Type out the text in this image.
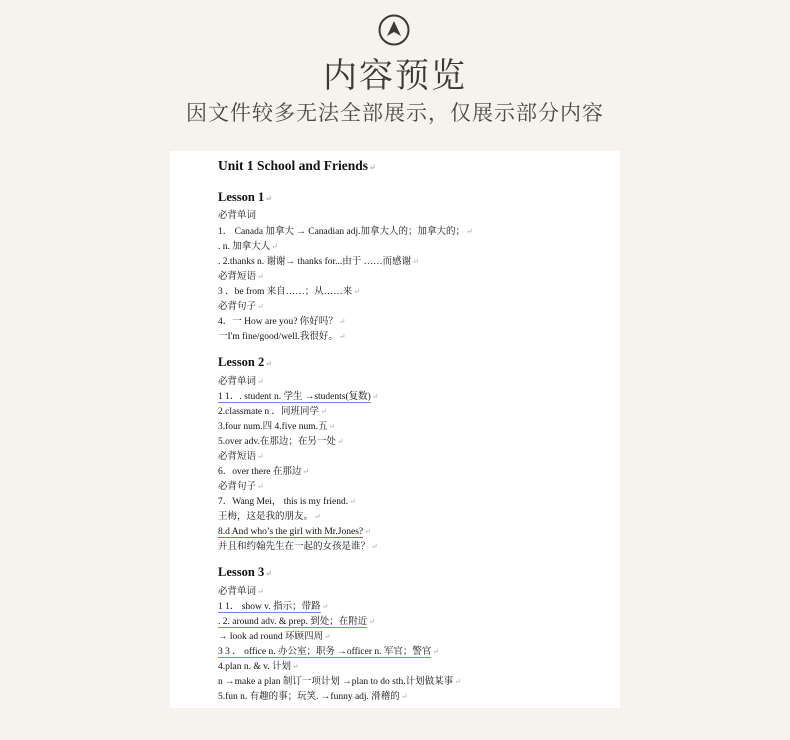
内容预览
因文件较多无法全部展示，仅展示部分内容
Unit 1 School and Friends↵
Lesson 1↵
必背单词
1． Canada 加拿大 → Canadian adj.加拿大人的；加拿大的；↵
. n. 加拿大人↵
. 2.thanks n. 谢谢→ thanks for...由于 ……而感谢↵
必背短语↵
3 ．be from 来自……；从……来↵
必背句子↵
4．一 How are you? 你好吗？↵
一I'm fine/good/well.我很好。↵
Lesson 2↵
必背单词↵
1 1．. student n. 学生 →students(复数)↵
2.classmate n ．同班同学↵
3.four num.四 4.five num.五↵
5.over adv.在那边；在另一处↵
必背短语↵
6．over there 在那边↵
必背句子↵
7．Wang Mei， this is my friend.↵
王梅，这是我的朋友。↵
8.d And who’s the girl with Mr.Jones?↵
并且和约翰先生在一起的女孩是谁？↵
Lesson 3↵
必背单词↵
1 1． show v. 指示；带路↵
. 2. around adv. & prep. 到处；在附近↵
→ look ad round 环顾四周↵
3 3 ． office n. 办公室；职务 →officer n. 军官；警官↵
4.plan n. & v. 计划↵
n →make a plan 制订一项计划 →plan to do sth.计划做某事↵
5.fun n. 有趣的事；玩笑. →funny adj. 滑稽的↵
